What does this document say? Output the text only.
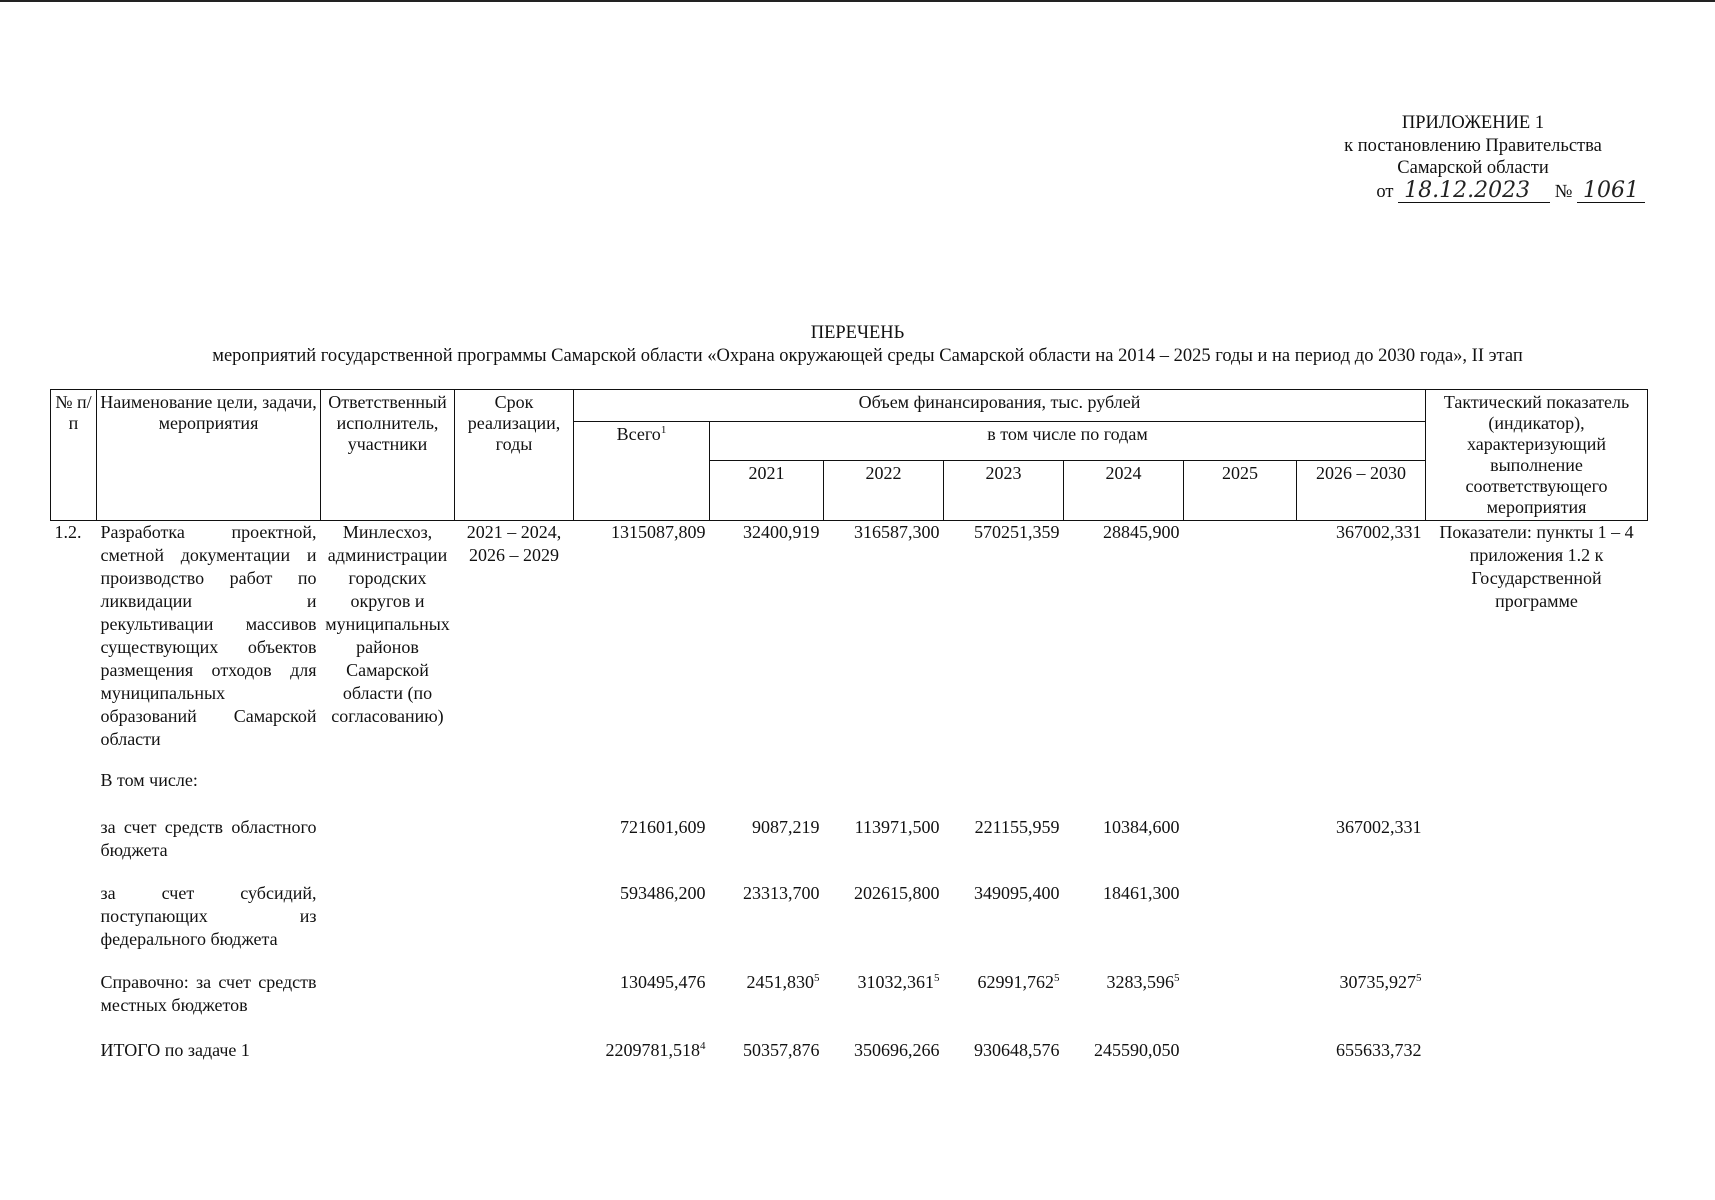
ПРИЛОЖЕНИЕ 1
к постановлению Правительства
Самарской области
от 18.12.2023 № 1061
ПЕРЕЧЕНЬ
мероприятий государственной программы Самарской области «Охрана окружающей среды Самарской области на 2014 – 2025 годы и на период до 2030 года», II этап
№ п/п	Наименование цели, задачи, мероприятия	Ответственный исполнитель, участники	Срок реализации, годы	Объем финансирования, тыс. рублей							Тактический показатель (индикатор), характеризующий выполнение соответствующего мероприятия
				Всего$^1$	в том числе по годам						
					2021	2022	2023	2024	2025	2026 – 2030	
1.2.	Разработка проектной, сметной документации и производство работ по ликвидации и рекультивации массивов существующих объектов размещения отходов для муниципальных образований Самарской области	Минлесхоз, администрации городских округов и муниципальных районов Самарской области (по согласованию)	2021 – 2024, 2026 – 2029	1315087,809	32400,919	316587,300	570251,359	28845,900		367002,331	Показатели: пункты 1 – 4 приложения 1.2 к Государственной программе
	В том числе:										
	за счет средств областного бюджета			721601,609	9087,219	113971,500	221155,959	10384,600		367002,331	
	за счет субсидий, поступающих из федерального бюджета			593486,200	23313,700	202615,800	349095,400	18461,300			
	Справочно: за счет средств местных бюджетов			130495,476	2451,830$^5$	31032,361$^5$	62991,762$^5$	3283,596$^5$		30735,927$^5$	
	ИТОГО по задаче 1			2209781,518$^4$	50357,876	350696,266	930648,576	245590,050		655633,732	
